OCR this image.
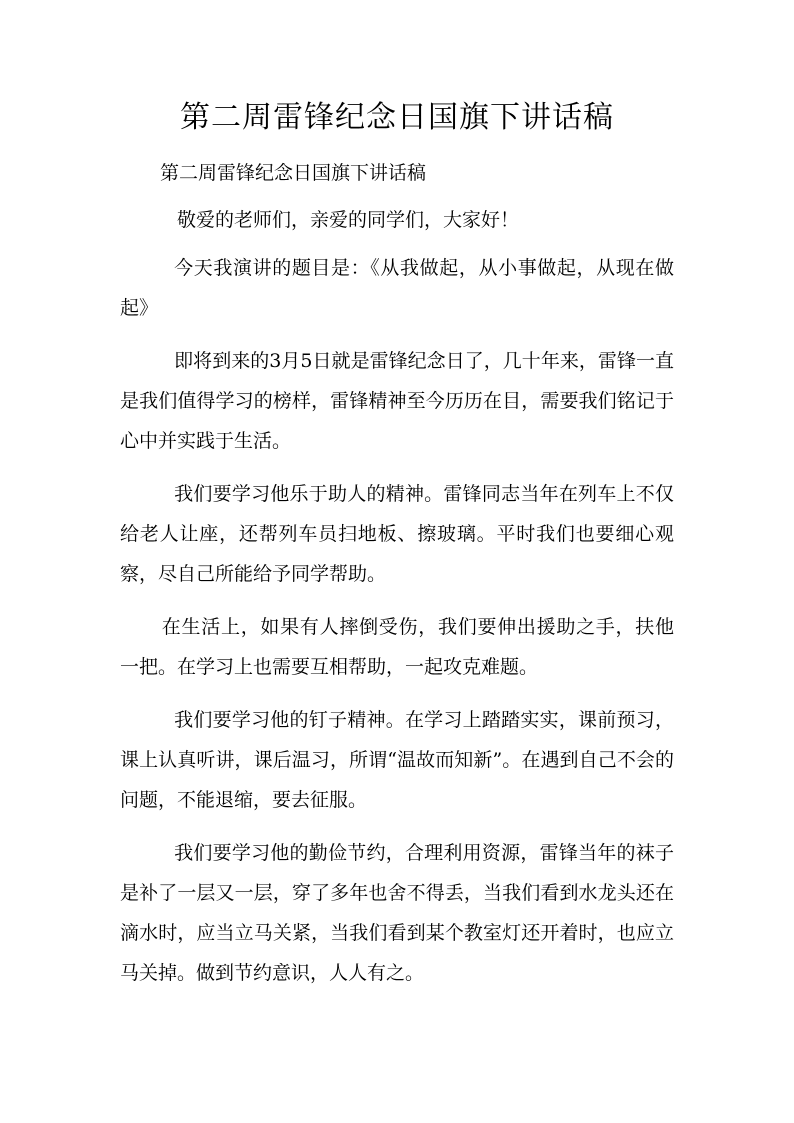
第二周雷锋纪念日国旗下讲话稿
第二周雷锋纪念日国旗下讲话稿

敬爱的老师们，亲爱的同学们，大家好！

今天我演讲的题目是：《从我做起，从小事做起，从现在做起》

即将到来的3月5日就是雷锋纪念日了，几十年来，雷锋一直是我们值得学习的榜样，雷锋精神至今历历在目，需要我们铭记于心中并实践于生活。

我们要学习他乐于助人的精神。雷锋同志当年在列车上不仅给老人让座，还帮列车员扫地板、擦玻璃。平时我们也要细心观察，尽自己所能给予同学帮助。

在生活上，如果有人摔倒受伤，我们要伸出援助之手，扶他一把。在学习上也需要互相帮助，一起攻克难题。

我们要学习他的钉子精神。在学习上踏踏实实，课前预习，课上认真听讲，课后温习，所谓“温故而知新”。在遇到自己不会的问题，不能退缩，要去征服。

我们要学习他的勤俭节约，合理利用资源，雷锋当年的袜子是补了一层又一层，穿了多年也舍不得丢，当我们看到水龙头还在滴水时，应当立马关紧，当我们看到某个教室灯还开着时，也应立马关掉。做到节约意识，人人有之。
